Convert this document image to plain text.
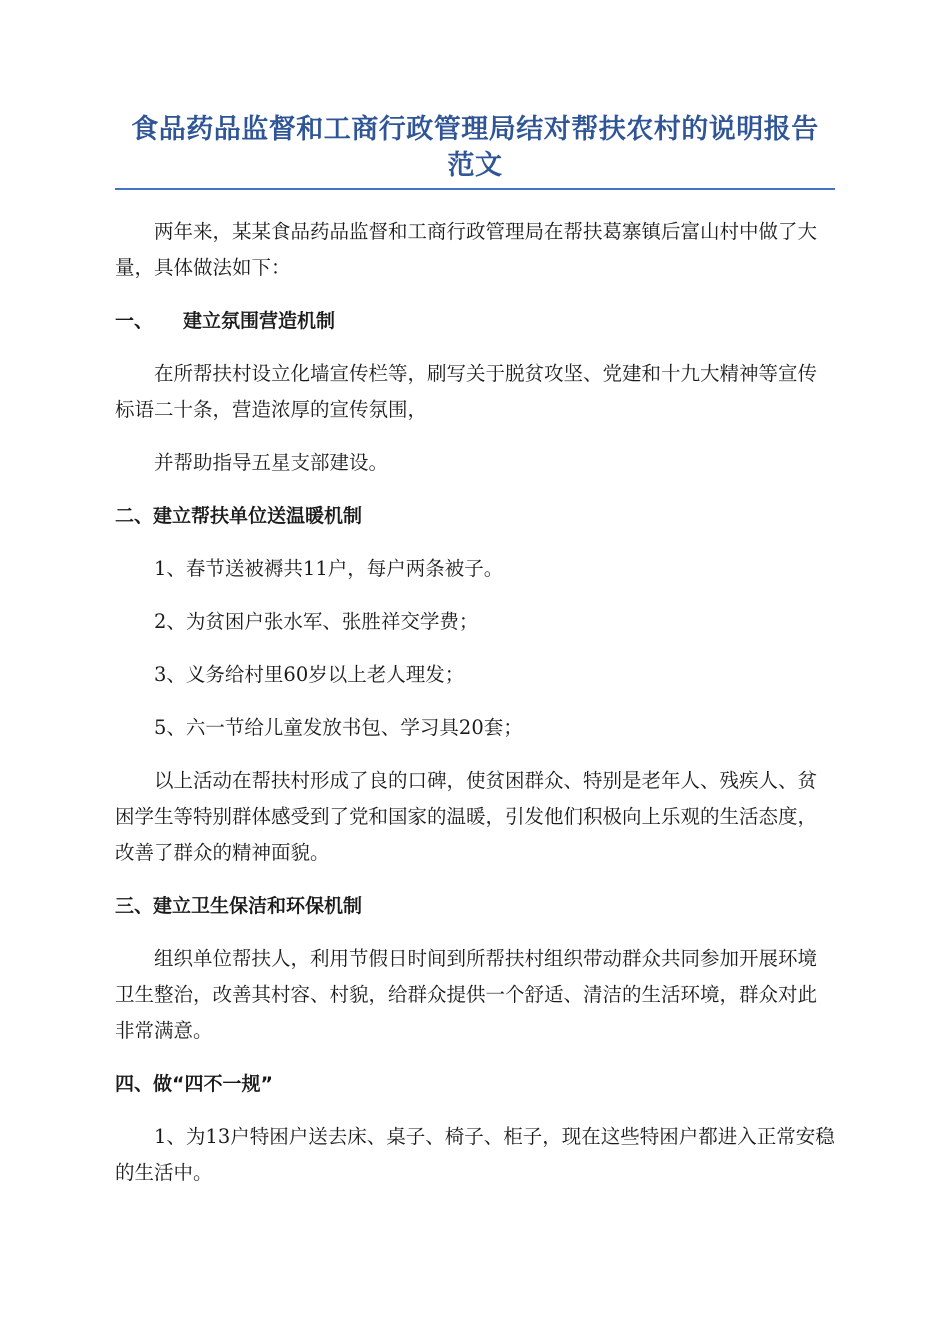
食品药品监督和工商行政管理局结对帮扶农村的说明报告范文

两年来，某某食品药品监督和工商行政管理局在帮扶葛寨镇后富山村中做了大量，具体做法如下：

一、 建立氛围营造机制

在所帮扶村设立化墙宣传栏等，刷写关于脱贫攻坚、党建和十九大精神等宣传标语二十条，营造浓厚的宣传氛围，

并帮助指导五星支部建设。

二、建立帮扶单位送温暖机制

1、春节送被褥共11户，每户两条被子。

2、为贫困户张水军、张胜祥交学费；

3、义务给村里60岁以上老人理发；

5、六一节给儿童发放书包、学习具20套；

以上活动在帮扶村形成了良的口碑，使贫困群众、特别是老年人、残疾人、贫困学生等特别群体感受到了党和国家的温暖，引发他们积极向上乐观的生活态度，改善了群众的精神面貌。

三、建立卫生保洁和环保机制

组织单位帮扶人，利用节假日时间到所帮扶村组织带动群众共同参加开展环境卫生整治，改善其村容、村貌，给群众提供一个舒适、清洁的生活环境，群众对此非常满意。

四、做“四不一规”

1、为13户特困户送去床、桌子、椅子、柜子，现在这些特困户都进入正常安稳的生活中。
